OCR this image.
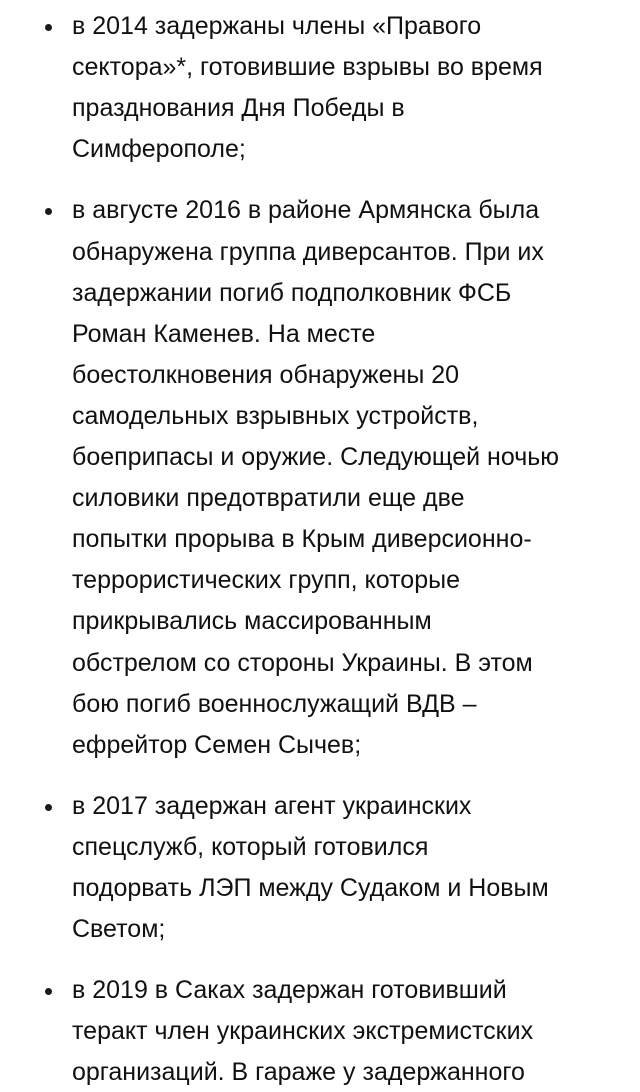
в 2014 задержаны члены «Правого
сектора»*, готовившие взрывы во время
празднования Дня Победы в
Симферополе;
в августе 2016 в районе Армянска была
обнаружена группа диверсантов. При их
задержании погиб подполковник ФСБ
Роман Каменев. На месте
боестолкновения обнаружены 20
самодельных взрывных устройств,
боеприпасы и оружие. Следующей ночью
силовики предотвратили еще две
попытки прорыва в Крым диверсионно-
террористических групп, которые
прикрывались массированным
обстрелом со стороны Украины. В этом
бою погиб военнослужащий ВДВ –
ефрейтор Семен Сычев;
в 2017 задержан агент украинских
спецслужб, который готовился
подорвать ЛЭП между Судаком и Новым
Светом;
в 2019 в Саках задержан готовивший
теракт член украинских экстремистских
организаций. В гараже у задержанного
